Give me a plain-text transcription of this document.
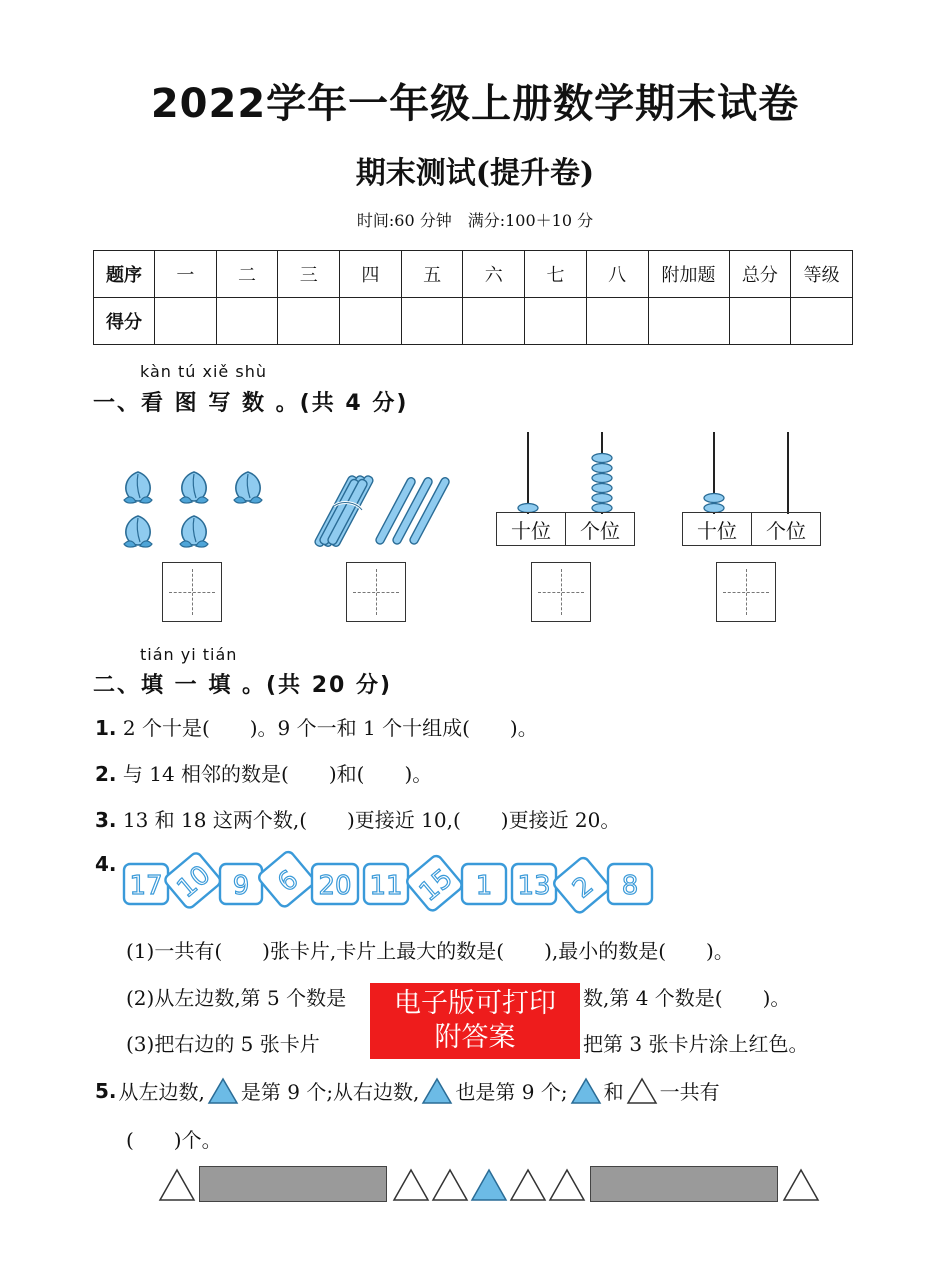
2022学年一年级上册数学期末试卷
期末测试(提升卷)
时间:60 分钟　满分:100＋10 分
题序	一	二	三	四	五	六	七	八	附加题	总分	等级
得分											
kàn tú xiě shù
一、看 图 写 数 。(共 4 分)
十位	个位	十位	个位
tián yi tián
二、填 一 填 。(共 20 分)
1. 2 个十是(　　)。9 个一和 1 个十组成(　　)。
2. 与 14 相邻的数是(　　)和(　　)。
3. 13 和 18 这两个数,(　　)更接近 10,(　　)更接近 20。
4.
17 10 9 6 20 11 15 1 13 2 8
(1)一共有(　　)张卡片,卡片上最大的数是(　　),最小的数是(　　)。
(2)从左边数,第 5 个数是	数,第 4 个数是(　　)。
(3)把右边的 5 张卡片	把第 3 张卡片涂上红色。
电子版可打印
附答案
5. 从左边数, 是第 9 个;从右边数, 也是第 9 个; 和 一共有
(　　)个。
